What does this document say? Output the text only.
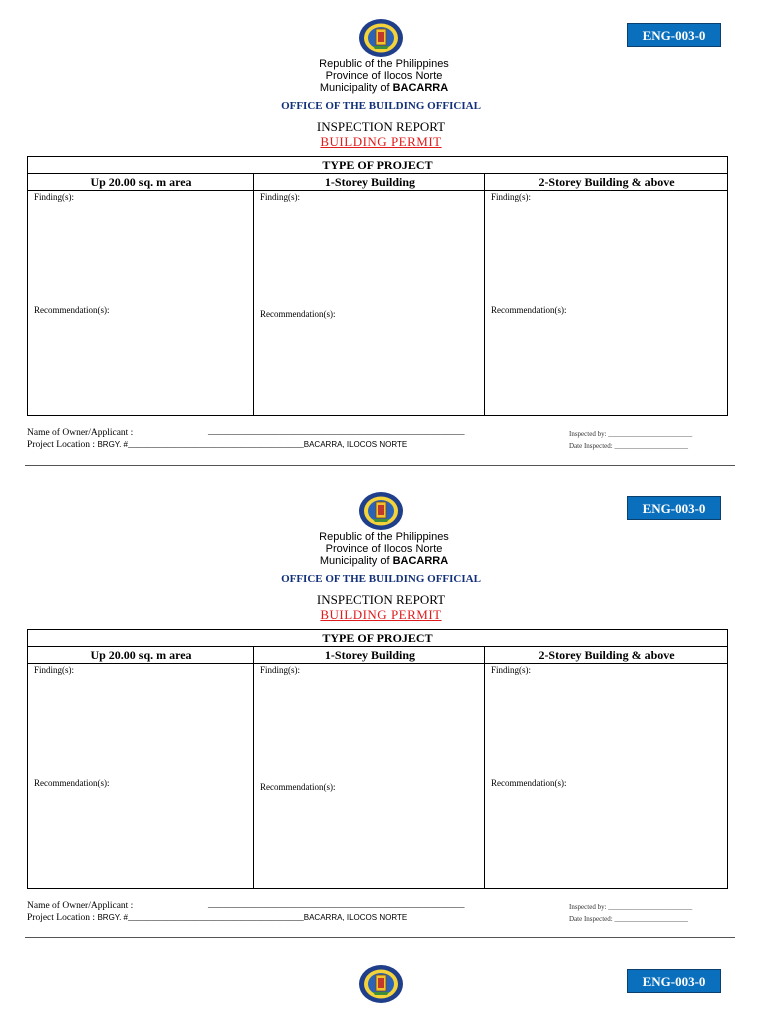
ENG-003-0
Republic of the Philippines
Province of Ilocos Norte
Municipality of BACARRA
OFFICE OF THE BUILDING OFFICIAL
INSPECTION REPORT
BUILDING PERMIT
TYPE OF PROJECT
Up 20.00 sq. m area	1-Storey Building	2-Storey Building & above
Finding(s):	Finding(s):	Finding(s):
Recommendation(s):	Recommendation(s):	Recommendation(s):
Name of Owner/Applicant :	______________________________________________________
Project Location : BRGY. #_____________________________________BACARRA, ILOCOS NORTE
Inspected by: ________________________
Date Inspected: _____________________
ENG-003-0
Republic of the Philippines
Province of Ilocos Norte
Municipality of BACARRA
OFFICE OF THE BUILDING OFFICIAL
INSPECTION REPORT
BUILDING PERMIT
TYPE OF PROJECT
Up 20.00 sq. m area	1-Storey Building	2-Storey Building & above
Finding(s):	Finding(s):	Finding(s):
Recommendation(s):	Recommendation(s):	Recommendation(s):
Name of Owner/Applicant :	______________________________________________________
Project Location : BRGY. #_____________________________________BACARRA, ILOCOS NORTE
Inspected by: ________________________
Date Inspected: _____________________
ENG-003-0
